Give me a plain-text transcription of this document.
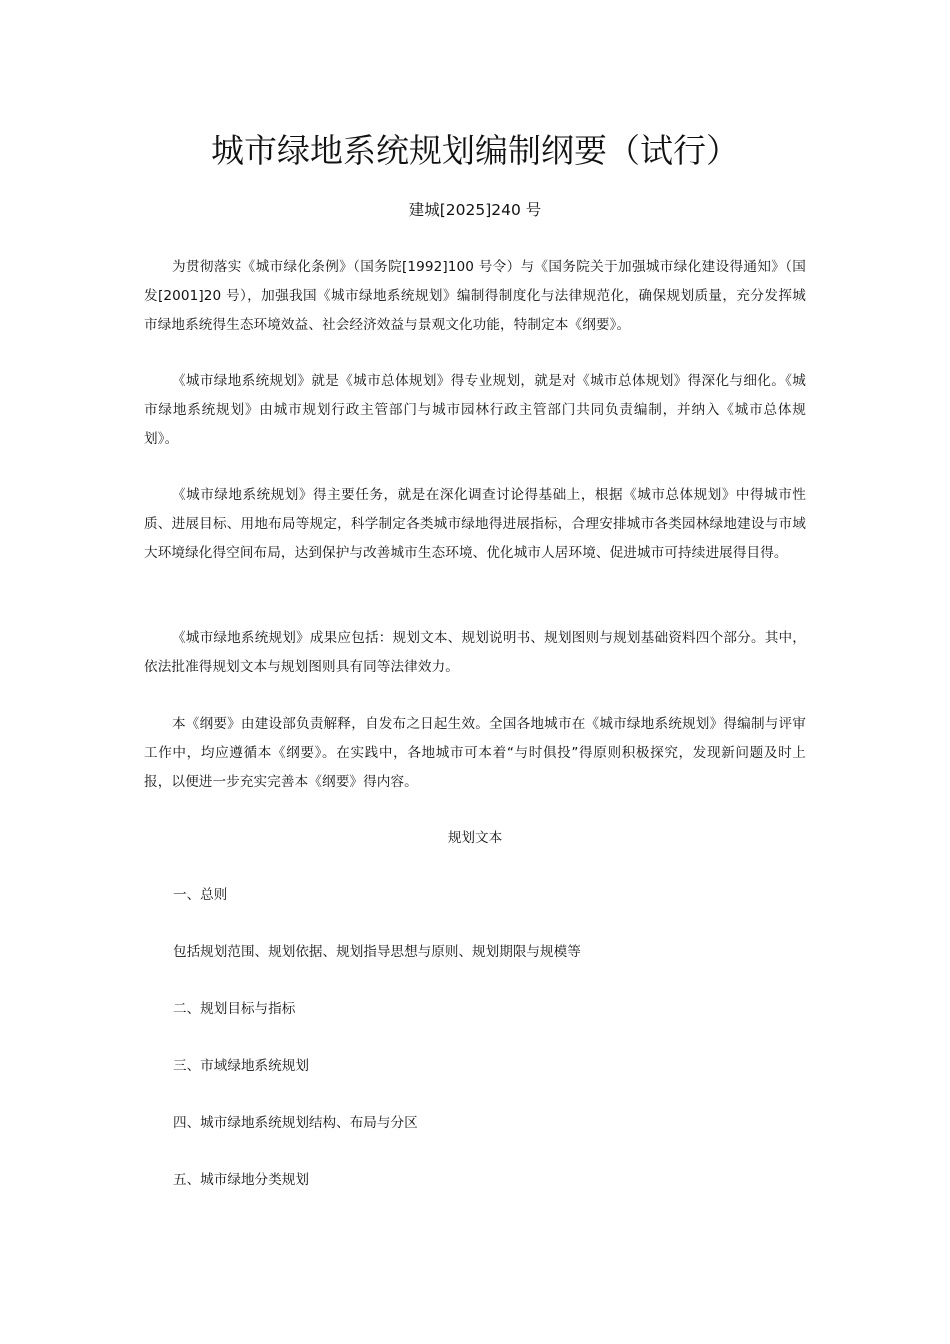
城市绿地系统规划编制纲要（试行）

建城[2025]240 号

为贯彻落实《城市绿化条例》（国务院[1992]100 号令）与《国务院关于加强城市绿化建设得通知》（国发[2001]20 号），加强我国《城市绿地系统规划》编制得制度化与法律规范化，确保规划质量，充分发挥城市绿地系统得生态环境效益、社会经济效益与景观文化功能，特制定本《纲要》。

《城市绿地系统规划》就是《城市总体规划》得专业规划，就是对《城市总体规划》得深化与细化。《城市绿地系统规划》由城市规划行政主管部门与城市园林行政主管部门共同负责编制，并纳入《城市总体规划》。

《城市绿地系统规划》得主要任务，就是在深化调查讨论得基础上，根据《城市总体规划》中得城市性质、进展目标、用地布局等规定，科学制定各类城市绿地得进展指标，合理安排城市各类园林绿地建设与市域大环境绿化得空间布局，达到保护与改善城市生态环境、优化城市人居环境、促进城市可持续进展得目得。

《城市绿地系统规划》成果应包括：规划文本、规划说明书、规划图则与规划基础资料四个部分。其中，依法批准得规划文本与规划图则具有同等法律效力。

本《纲要》由建设部负责解释，自发布之日起生效。全国各地城市在《城市绿地系统规划》得编制与评审工作中，均应遵循本《纲要》。在实践中，各地城市可本着“与时俱投”得原则积极探究，发现新问题及时上报，以便进一步充实完善本《纲要》得内容。

规划文本

一、总则

包括规划范围、规划依据、规划指导思想与原则、规划期限与规模等

二、规划目标与指标

三、市域绿地系统规划

四、城市绿地系统规划结构、布局与分区

五、城市绿地分类规划
